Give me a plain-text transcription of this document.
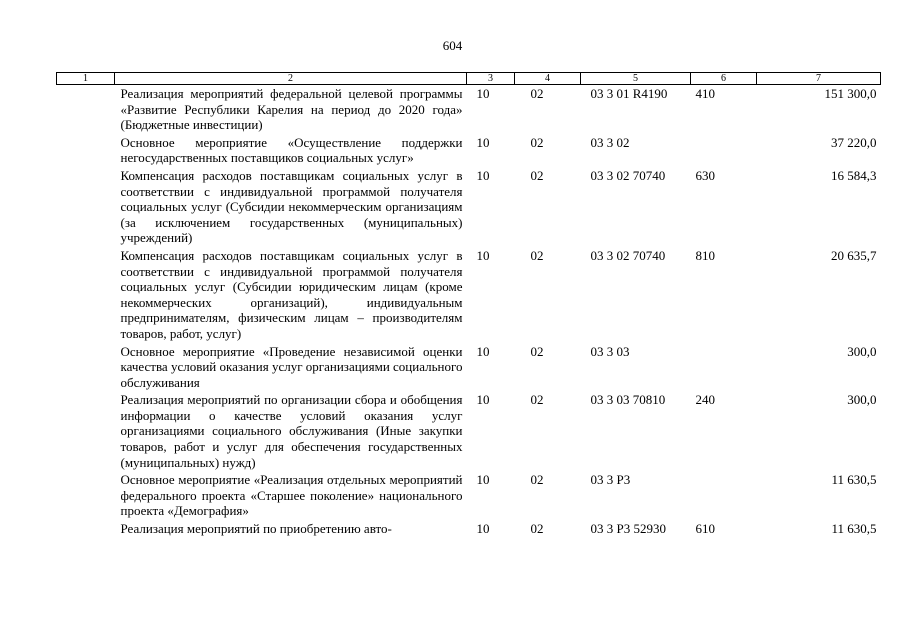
604
1	2	3	4	5	6	7
	Реализация мероприятий федеральной целевой программы «Развитие Республики Карелия на период до 2020 года» (Бюджетные инвестиции)	10	02	03 3 01 R4190	410	151 300,0
	Основное мероприятие «Осуществление поддержки негосударственных поставщиков социальных услуг»	10	02	03 3 02		37 220,0
	Компенсация расходов поставщикам социальных услуг в соответствии с индивидуальной программой получателя социальных услуг (Субсидии некоммерческим организациям (за исключением государственных (муниципальных) учреждений)	10	02	03 3 02 70740	630	16 584,3
	Компенсация расходов поставщикам социальных услуг в соответствии с индивидуальной программой получателя социальных услуг (Субсидии юридическим лицам (кроме некоммерческих организаций), индивидуальным предпринимателям, физическим лицам – производителям товаров, работ, услуг)	10	02	03 3 02 70740	810	20 635,7
	Основное мероприятие «Проведение независимой оценки качества условий оказания услуг организациями социального обслуживания	10	02	03 3 03		300,0
	Реализация мероприятий по организации сбора и обобщения информации о качестве условий оказания услуг организациями социального обслуживания (Иные закупки товаров, работ и услуг для обеспечения государственных (муниципальных) нужд)	10	02	03 3 03 70810	240	300,0
	Основное мероприятие «Реализация отдельных мероприятий федерального проекта «Старшее поколение» национального проекта «Демография»	10	02	03 3 P3		11 630,5
	Реализация мероприятий по приобретению авто-	10	02	03 3 P3 52930	610	11 630,5
